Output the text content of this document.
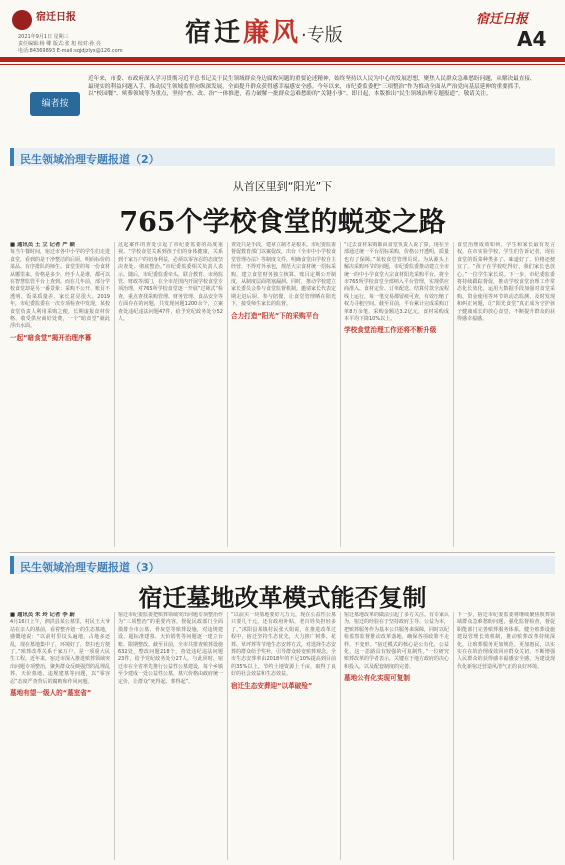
宿迁日报
2021年9月1日 星期三
责任编辑:杨 卿 版式:张 旭 校对:孙 亮
电话:84369893 E-mail:sqjdjzlyx@126.com
宿迁廉风·专版
宿迁日报
A4
编者按
近年来，市委、市政府深入学习贯彻习近平总书记关于民生领域群众身边腐败问题的重要论述精神，始终坚持以人民为中心的发展思想，聚焦人民群众急难愁盼问题，从解决最直接、最现实的利益问题入手，推动民生领域监督向纵深发展，全面提升群众获得感幸福感安全感。今年以来，市纪委监委把“三项整治”作为推动全面从严治党向基层延伸的重要抓手，以“校园餐”、殡葬领域等为重点，坚持“查、改、治”一体推进，着力破解一批群众急难愁盼的“关键小事”。即日起，本版推出“民生领域治理专题报道”，敬请关注。
民生领域治理专题报道（2）
从首区里到“阳光”下
765个学校食堂的蜕变之路
■ 通讯员 王 立 记者 严 颖
每当午餐时间，宿迁市各中小学的学生们走进食堂，看到的是干净整洁的后厨、明码标价的菜品、有序排队的师生。食堂里的每一份食材从哪里来、价格是多少、经手人是谁，都可以在智慧监管平台上查到。而在几年前，部分学校食堂却是另一番景象：采购不公开、账目不透明、饭菜质量差，家长意见很大。2019年，市纪委监委在一次专项检查中发现，某校食堂负责人利用采购之便，长期虚报食材价格、收受供应商好处费，一个“暗食堂”就此浮出水面。
一起“暗食堂”揭开治理序幕
这起案件的查处引起了市纪委监委的高度重视。“学校食堂关系到孩子们的身体健康，关系到千家万户的切身利益，必须以零容忍的态度坚决查处、彻底整治。”市纪委监委相关负责人表示。随后，市纪委监委牵头，联合教育、市场监管、财政等部门，在全市范围内开展学校食堂专项治理，对765所学校食堂逐一开展“过筛式”检查，重点查找采购管理、财务管理、食品安全等方面存在的问题，共发现问题1200余个，立案查处违纪违法问题47件，给予党纪政务处分52人。
查处只是手段，建章立制才是根本。市纪委监委督促教育部门以案促改，出台《全市中小学校食堂管理办法》等制度文件，明确食堂由学校自主经营、不得对外承包，规范大宗食材统一招标采购，建立食堂财务独立核算、账目定期公开制度，从制度层面堵塞漏洞。同时，推动学校建立家长委员会参与食堂监督机制，邀请家长代表定期走进后厨、参与陪餐，让食堂管理晒在阳光下，接受师生家长的监督。
合力打造“阳光”下的采购平台
“过去食材采购都由食堂负责人说了算，现在全部通过统一平台招标采购，价格公开透明，质量也有了保障。”某校食堂管理员说。为从源头上解决采购环节的问题，市纪委监委推动建立全市统一的中小学食堂大宗食材阳光采购平台，将全市765所学校食堂全部纳入平台管理，实现供应商准入、食材定价、订单配送、结算付款全流程线上运行，每一笔交易都留痕可查，有效压缩了权力寻租空间。截至目前，平台累计完成采购订单8万余笔，采购金额达3.2亿元，食材采购成本平均下降10%以上。
学校食堂治理工作还将不断升级
食堂治理成效如何，学生和家长最有发言权。在市实验学校，学生们告诉记者，现在食堂的饭菜种类多了、味道好了，价格还便宜了。“孩子在学校吃得好，我们家长也放心。”一位学生家长说。下一步，市纪委监委将持续跟踪督促，推动学校食堂治理工作常态化长效化，运用大数据手段加强对食堂采购、资金使用等环节的动态监测，及时发现和纠正问题，让“阳光食堂”真正成为守护孩子健康成长的放心食堂，不断提升群众的获得感幸福感。
民生领域治理专题报道（3）
宿迁墓地改革模式能否复制
■ 通讯员 朱 玲 记者 李 蔚
4月16日上午，泗洪县某公墓里，村民王大爷站在亲人的墓前，看着整齐划一的生态墓地，感慨地说：“以前村里坟头遍地，占地多还乱，现在墓地集中了，环境好了，祭扫也方便了。”殡葬改革关系千家万户，是一项重大民生工程。近年来，宿迁市深入推进殡葬领域突出问题专项整治，聚焦群众反映强烈的乱埋乱葬、天价墓地、违规建墓等问题，以“零容忍”态度严查背后的腐败和作风问题。
墓地有望一级人的“墓室省”
宿迁市纪委监委把殡葬领域突出问题专项整治作为“三项整治”的重要内容，督促民政部门全面摸排全市公墓、骨灰堂等殡葬设施，对违规建设、超标准建墓、天价销售等问题逐一建立台账、限期整改。截至目前，全市共排查殡葬设施632处，整改问题218个，查处违纪违法问题23件，给予党纪政务处分27人。与此同时，宿迁市在全省率先推行公益性公墓建设，每个乡镇至少建成一处公益性公墓，墓穴价格由政府统一定价，让群众“死得起、葬得起”。
“以前买一块墓地要好几万元，现在公益性公墓只要几千元，还有政府补贴，老百姓负担轻多了。”沭阳县某镇村民张大姐说。在推进改革过程中，宿迁坚持生态优先，大力推广树葬、花葬、草坪葬等节地生态安葬方式，对选择生态安葬的群众给予奖补，引导群众转变殡葬观念。全市生态安葬率由2018年的不足10%提高到目前的35%以上，节约土地资源上千亩，取得了良好的社会效益和生态效益。
宿迁生态安葬迎“以革破殓”
宿迁墓地改革的做法引起了多方关注。有专家认为，宿迁的经验在于坚持政府主导、公益为本，把殡葬服务作为基本公共服务来保障，同时以纪检监察监督推动改革落地，确保各项政策不走样、不变形。“宿迁模式的核心是公有化、公益化，这一思路具有较强的可复制性。”一位研究殡葬改革的学者表示，关键在于地方政府的决心和投入，以及配套制度的完善。
墓地公有化实现可复制
下一步，宿迁市纪委监委将继续聚焦殡葬领域群众急难愁盼问题，强化监督检查，督促职能部门完善殡葬服务体系，健全殡葬设施建设管理长效机制，推动殡葬改革持续深化，让殡葬服务更加规范、更加惠民，以实实在在的治理成效回应群众关切，不断增强人民群众的获得感幸福感安全感，为建设现代化新宿迁营造风清气正的良好环境。
